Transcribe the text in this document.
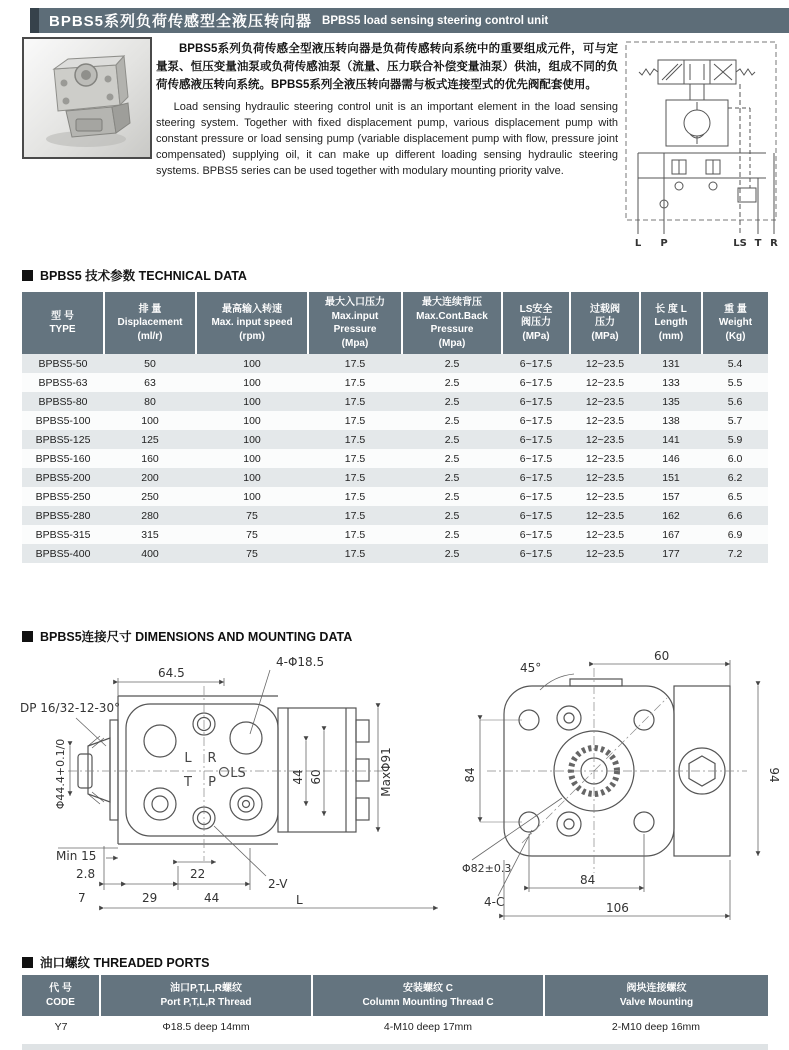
BPBS5系列负荷传感型全液压转向器 BPBS5 load sensing steering control unit

BPBS5系列负荷传感全型液压转向器是负荷传感转向系统中的重要组成元件，可与定量泵、恒压变量油泵或负荷传感油泵（流量、压力联合补偿变量油泵）供油，组成不同的负荷传感液压转向系统。BPBS5系列全液压转向器需与板式连接型式的优先阀配套使用。

Load sensing hydraulic steering control unit is an important element in the load sensing steering system. Together with fixed displacement pump, various displacement pump with constant pressure or load sensing pump (variable displacement pump with flow, pressure joint compensated) supplying oil, it can make up different loading sensing hydraulic steering systems. BPBS5 series can be used together with modulary mounting priority valve.

L P	LS T R
BPBS5 技术参数 TECHNICAL DATA
型 号
TYPE

排 量
Displacement
(ml/r)

最高输入转速
Max. input speed
(rpm)

最大入口压力
Max.input
Pressure
(Mpa)

最大连续背压
Max.Cont.Back
Pressure
(Mpa)

LS安全
阀压力
(MPa)

过载阀
压力
(MPa)

长 度 L
Length
(mm)

重 量
Weight
(Kg)

BPBS5-50	50	100	17.5	2.5	6~17.5	12~23.5	131	5.4
BPBS5-63	63	100	17.5	2.5	6~17.5	12~23.5	133	5.5
BPBS5-80	80	100	17.5	2.5	6~17.5	12~23.5	135	5.6
BPBS5-100	100	100	17.5	2.5	6~17.5	12~23.5	138	5.7
BPBS5-125	125	100	17.5	2.5	6~17.5	12~23.5	141	5.9
BPBS5-160	160	100	17.5	2.5	6~17.5	12~23.5	146	6.0
BPBS5-200	200	100	17.5	2.5	6~17.5	12~23.5	151	6.2
BPBS5-250	250	100	17.5	2.5	6~17.5	12~23.5	157	6.5
BPBS5-280	280	75	17.5	2.5	6~17.5	12~23.5	162	6.6
BPBS5-315	315	75	17.5	2.5	6~17.5	12~23.5	167	6.9
BPBS5-400	400	75	17.5	2.5	6~17.5	12~23.5	177	7.2
BPBS5连接尺寸 DIMENSIONS AND MOUNTING DATA
64.5
4-Φ18.5
DP 16/32-12-30°
Φ44.4+0.1/0
Min 15
2.8
7	29
22
44
2-V
L
44 60	MaxΦ91
L R
T P
LS
60
45°
84	94
Φ82±0.3
4-C
84
106
油口螺纹 THREADED PORTS
代 号
CODE

油口P,T,L,R螺纹
Port P,T,L,R Thread

安装螺纹 C
Column Mounting Thread C

阀块连接螺纹
Valve Mounting

Y7	Φ18.5 deep 14mm	4-M10 deep 17mm	2-M10 deep 16mm
